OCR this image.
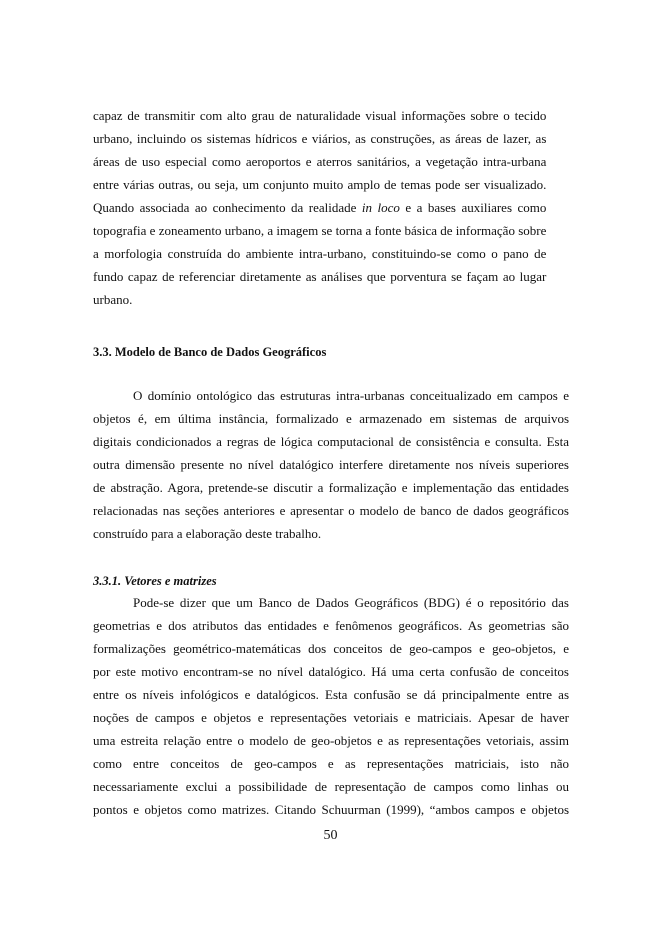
capaz de transmitir com alto grau de naturalidade visual informações sobre o tecido
urbano, incluindo os sistemas hídricos e viários, as construções, as áreas de lazer, as
áreas de uso especial como aeroportos e aterros sanitários, a vegetação intra-urbana
entre várias outras, ou seja, um conjunto muito amplo de temas pode ser visualizado.
Quando associada ao conhecimento da realidade in loco e a bases auxiliares como
topografia e zoneamento urbano, a imagem se torna a fonte básica de informação sobre
a morfologia construída do ambiente intra-urbano, constituindo-se como o pano de
fundo capaz de referenciar diretamente as análises que porventura se façam ao lugar
urbano.
3.3. Modelo de Banco de Dados Geográficos
O domínio ontológico das estruturas intra-urbanas conceitualizado em campos e
objetos é, em última instância, formalizado e armazenado em sistemas de arquivos
digitais condicionados a regras de lógica computacional de consistência e consulta. Esta
outra dimensão presente no nível datalógico interfere diretamente nos níveis superiores
de abstração. Agora, pretende-se discutir a formalização e implementação das entidades
relacionadas nas seções anteriores e apresentar o modelo de banco de dados geográficos
construído para a elaboração deste trabalho.
3.3.1. Vetores e matrizes
Pode-se dizer que um Banco de Dados Geográficos (BDG) é o repositório das
geometrias e dos atributos das entidades e fenômenos geográficos. As geometrias são
formalizações geométrico-matemáticas dos conceitos de geo-campos e geo-objetos, e
por este motivo encontram-se no nível datalógico. Há uma certa confusão de conceitos
entre os níveis infológicos e datalógicos. Esta confusão se dá principalmente entre as
noções de campos e objetos e representações vetoriais e matriciais. Apesar de haver
uma estreita relação entre o modelo de geo-objetos e as representações vetoriais, assim
como entre conceitos de geo-campos e as representações matriciais, isto não
necessariamente exclui a possibilidade de representação de campos como linhas ou
pontos e objetos como matrizes. Citando Schuurman (1999), “ambos campos e objetos
50
